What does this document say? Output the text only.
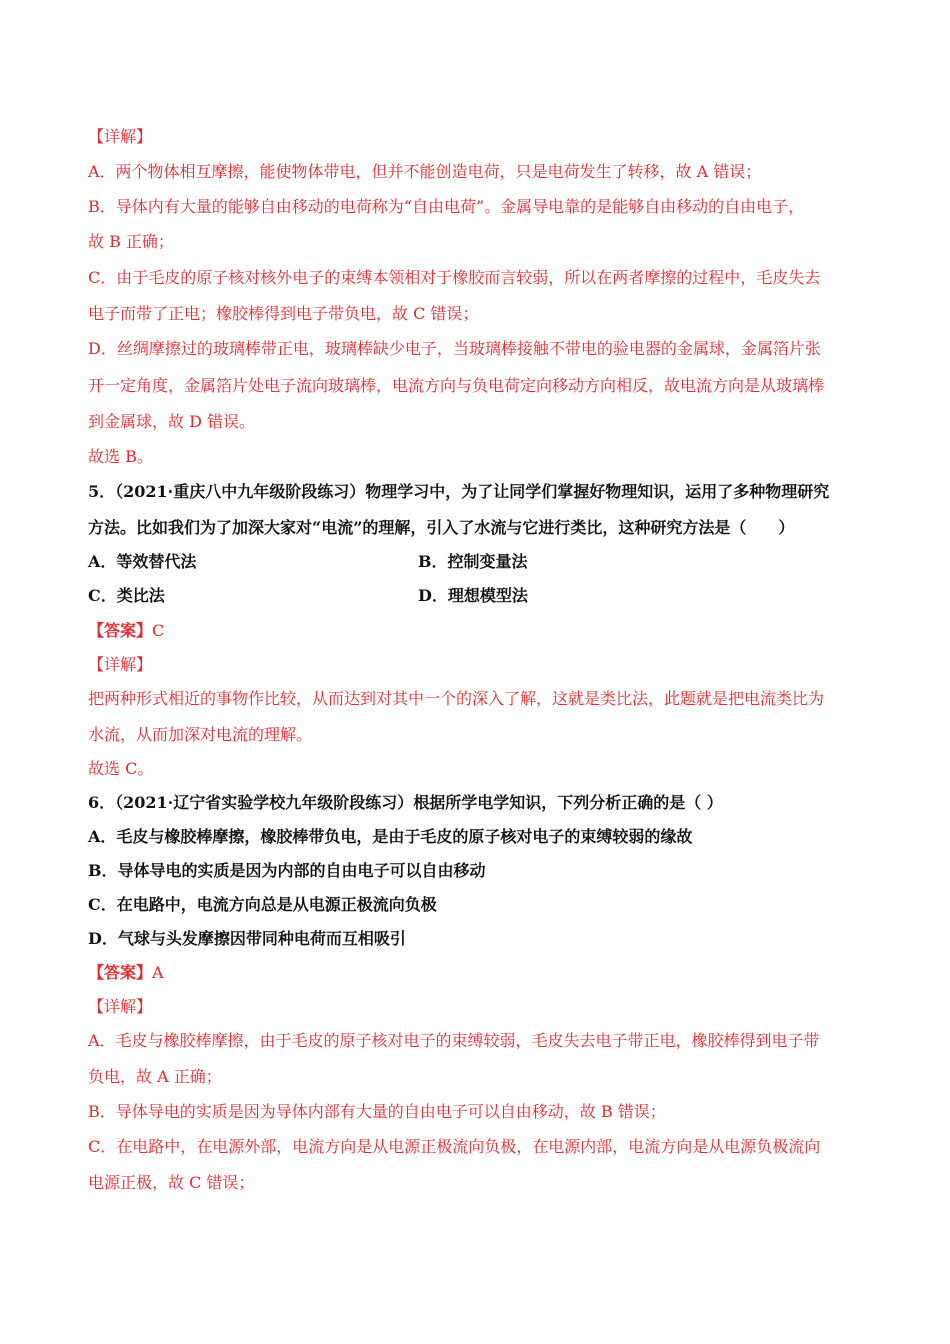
【详解】
A．两个物体相互摩擦，能使物体带电，但并不能创造电荷，只是电荷发生了转移，故 A 错误；
B．导体内有大量的能够自由移动的电荷称为“自由电荷”。金属导电靠的是能够自由移动的自由电子，
故 B 正确；
C．由于毛皮的原子核对核外电子的束缚本领相对于橡胶而言较弱，所以在两者摩擦的过程中，毛皮失去
电子而带了正电；橡胶棒得到电子带负电，故 C 错误；
D．丝绸摩擦过的玻璃棒带正电，玻璃棒缺少电子，当玻璃棒接触不带电的验电器的金属球，金属箔片张
开一定角度，金属箔片处电子流向玻璃棒，电流方向与负电荷定向移动方向相反，故电流方向是从玻璃棒
到金属球，故 D 错误。
故选 B。
5．（2021·重庆八中九年级阶段练习）物理学习中，为了让同学们掌握好物理知识，运用了多种物理研究
方法。比如我们为了加深大家对“电流”的理解，引入了水流与它进行类比，这种研究方法是（　　）
A．等效替代法	B．控制变量法
C．类比法	D．理想模型法
【答案】C
【详解】
把两种形式相近的事物作比较，从而达到对其中一个的深入了解，这就是类比法，此题就是把电流类比为
水流，从而加深对电流的理解。
故选 C。
6．（2021·辽宁省实验学校九年级阶段练习）根据所学电学知识，下列分析正确的是（ ）
A．毛皮与橡胶棒摩擦，橡胶棒带负电，是由于毛皮的原子核对电子的束缚较弱的缘故
B．导体导电的实质是因为内部的自由电子可以自由移动
C．在电路中，电流方向总是从电源正极流向负极
D．气球与头发摩擦因带同种电荷而互相吸引
【答案】A
【详解】
A．毛皮与橡胶棒摩擦，由于毛皮的原子核对电子的束缚较弱，毛皮失去电子带正电，橡胶棒得到电子带
负电，故 A 正确；
B．导体导电的实质是因为导体内部有大量的自由电子可以自由移动，故 B 错误；
C．在电路中，在电源外部，电流方向是从电源正极流向负极，在电源内部，电流方向是从电源负极流向
电源正极，故 C 错误；
